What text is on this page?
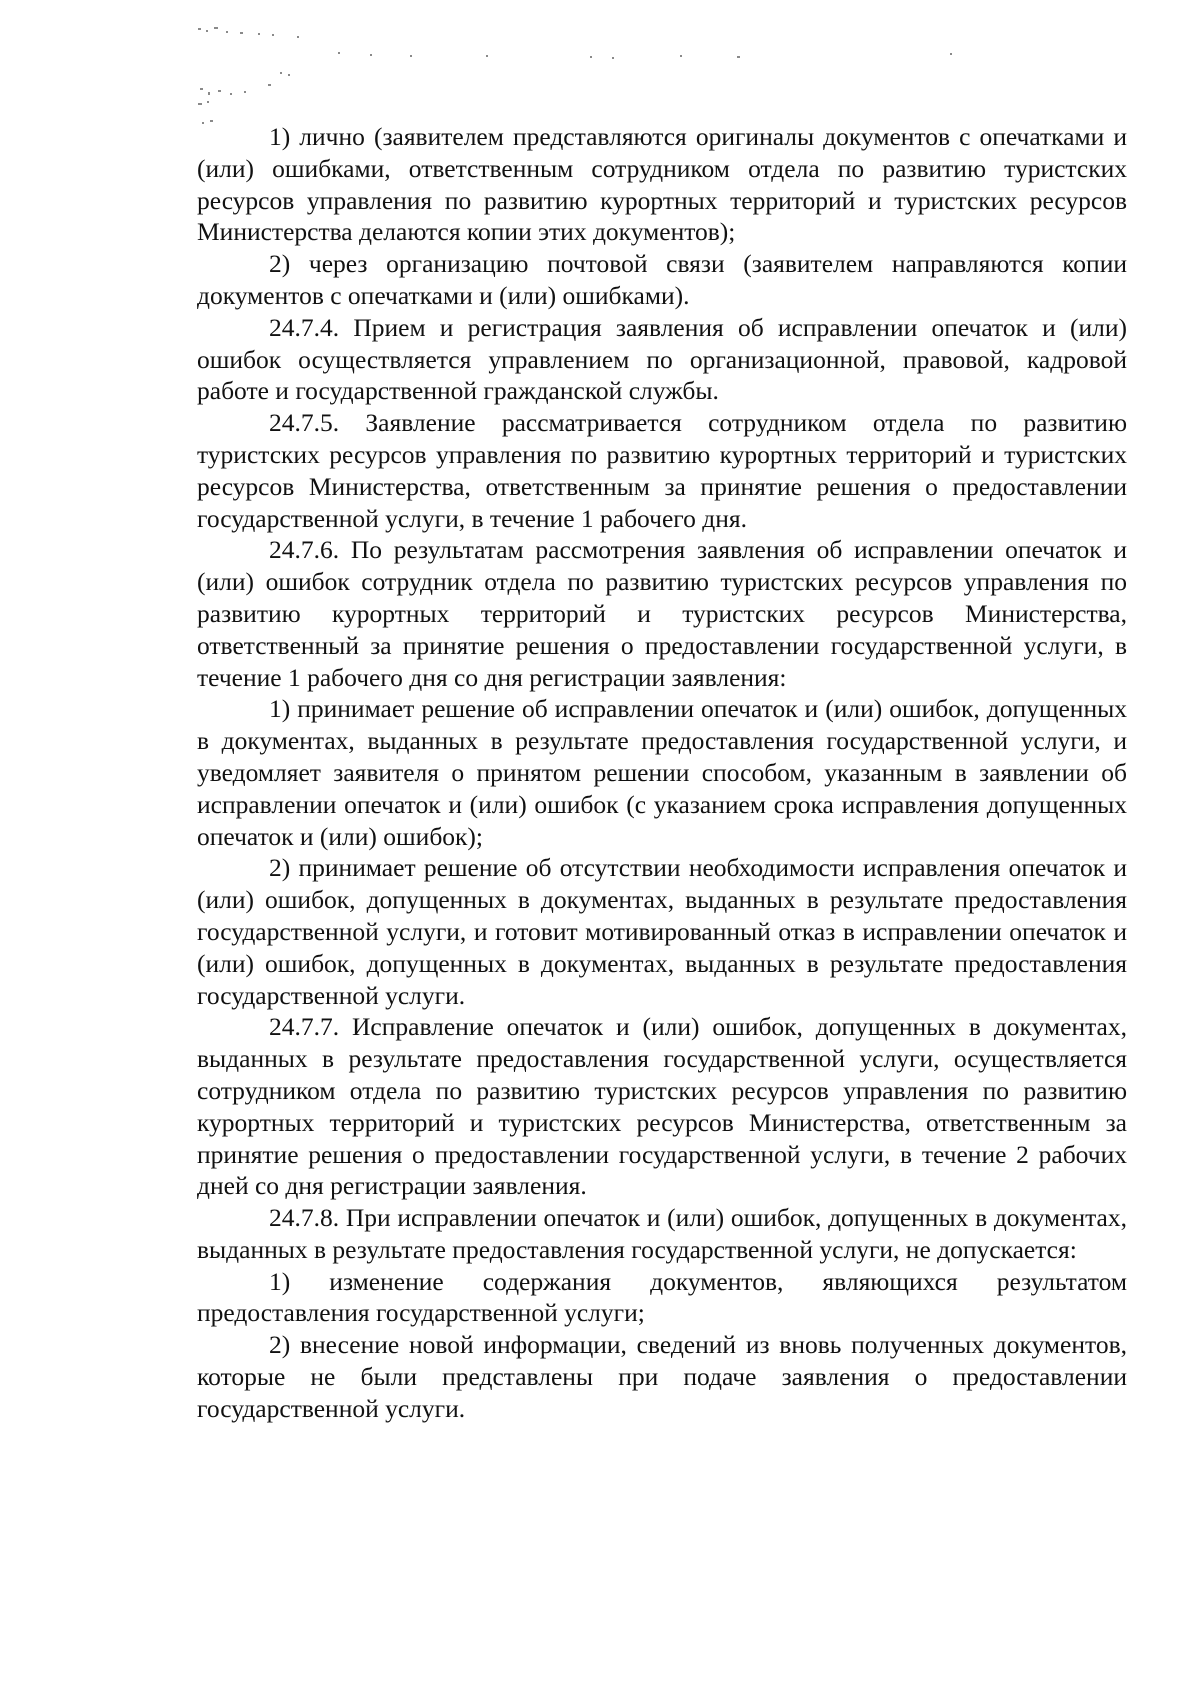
1) лично (заявителем представляются оригиналы документов с опечатками и (или) ошибками, ответственным сотрудником отдела по развитию туристских ресурсов управления по развитию курортных территорий и туристских ресурсов Министерства делаются копии этих документов);

2) через организацию почтовой связи (заявителем направляются копии документов с опечатками и (или) ошибками).

24.7.4. Прием и регистрация заявления об исправлении опечаток и (или) ошибок осуществляется управлением по организационной, правовой, кадровой работе и государственной гражданской службы.

24.7.5. Заявление рассматривается сотрудником отдела по развитию туристских ресурсов управления по развитию курортных территорий и туристских ресурсов Министерства, ответственным за принятие решения о предоставлении государственной услуги, в течение 1 рабочего дня.

24.7.6. По результатам рассмотрения заявления об исправлении опечаток и (или) ошибок сотрудник отдела по развитию туристских ресурсов управления по развитию курортных территорий и туристских ресурсов Министерства, ответственный за принятие решения о предоставлении государственной услуги, в течение 1 рабочего дня со дня регистрации заявления:

1) принимает решение об исправлении опечаток и (или) ошибок, допущенных в документах, выданных в результате предоставления государственной услуги, и уведомляет заявителя о принятом решении способом, указанным в заявлении об исправлении опечаток и (или) ошибок (с указанием срока исправления допущенных опечаток и (или) ошибок);

2) принимает решение об отсутствии необходимости исправления опечаток и (или) ошибок, допущенных в документах, выданных в результате предоставления государственной услуги, и готовит мотивированный отказ в исправлении опечаток и (или) ошибок, допущенных в документах, выданных в результате предоставления государственной услуги.

24.7.7. Исправление опечаток и (или) ошибок, допущенных в документах, выданных в результате предоставления государственной услуги, осуществляется сотрудником отдела по развитию туристских ресурсов управления по развитию курортных территорий и туристских ресурсов Министерства, ответственным за принятие решения о предоставлении государственной услуги, в течение 2 рабочих дней со дня регистрации заявления.

24.7.8. При исправлении опечаток и (или) ошибок, допущенных в документах, выданных в результате предоставления государственной услуги, не допускается:

1) изменение содержания документов, являющихся результатом предоставления государственной услуги;

2) внесение новой информации, сведений из вновь полученных документов, которые не были представлены при подаче заявления о предоставлении государственной услуги.
